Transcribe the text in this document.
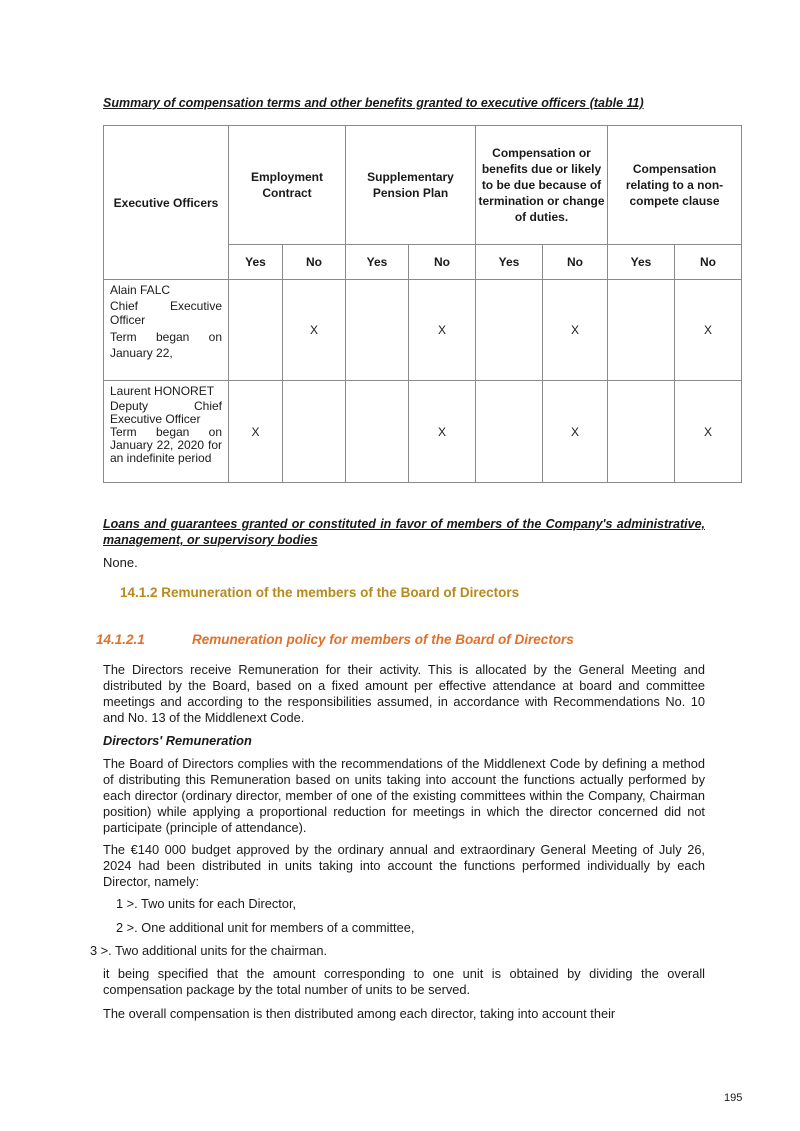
Summary of compensation terms and other benefits granted to executive officers (table 11)
Executive Officers	Employment Contract		Supplementary Pension Plan		Compensation or benefits due or likely to be due because of termination or change of duties.		Compensation relating to a non-compete clause	
	Yes	No	Yes	No	Yes	No	Yes	No

Alain FALC
Chief Executive Officer
Term began on January 22,		X		X		X		X

Laurent HONORET
Deputy Chief Executive Officer
Term began on January 22, 2020 for an indefinite period	X			X		X		X
Loans and guarantees granted or constituted in favor of members of the Company's administrative, management, or supervisory bodies
None.
14.1.2 Remuneration of the members of the Board of Directors
14.1.2.1	Remuneration policy for members of the Board of Directors
The Directors receive Remuneration for their activity. This is allocated by the General Meeting and distributed by the Board, based on a fixed amount per effective attendance at board and committee meetings and according to the responsibilities assumed, in accordance with Recommendations No. 10 and No. 13 of the Middlenext Code.
Directors' Remuneration
The Board of Directors complies with the recommendations of the Middlenext Code by defining a method of distributing this Remuneration based on units taking into account the functions actually performed by each director (ordinary director, member of one of the existing committees within the Company, Chairman position) while applying a proportional reduction for meetings in which the director concerned did not participate (principle of attendance).
The €140 000 budget approved by the ordinary annual and extraordinary General Meeting of July 26, 2024 had been distributed in units taking into account the functions performed individually by each Director, namely:
1 >. Two units for each Director,
2 >. One additional unit for members of a committee,
3 >. Two additional units for the chairman.
it being specified that the amount corresponding to one unit is obtained by dividing the overall compensation package by the total number of units to be served.
The overall compensation is then distributed among each director, taking into account their
195
